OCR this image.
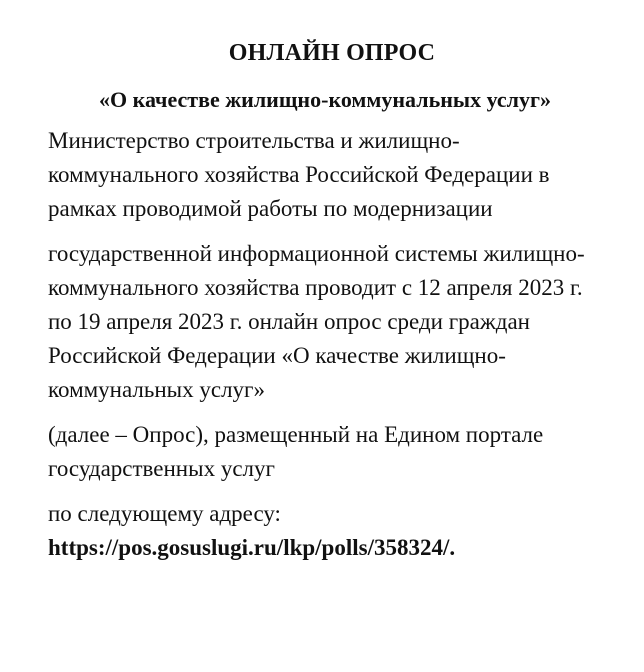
ОНЛАЙН ОПРОС
«О качестве жилищно-коммунальных услуг»

Министерство строительства и жилищно-коммунального хозяйства Российской Федерации в рамках проводимой работы по модернизации

государственной информационной системы жилищно-коммунального хозяйства проводит с 12 апреля 2023 г. по 19 апреля 2023 г. онлайн опрос среди граждан Российской Федерации «О качестве жилищно-коммунальных услуг»

(далее – Опрос), размещенный на Едином портале государственных услуг

по следующему адресу:
https://pos.gosuslugi.ru/lkp/polls/358324/.
